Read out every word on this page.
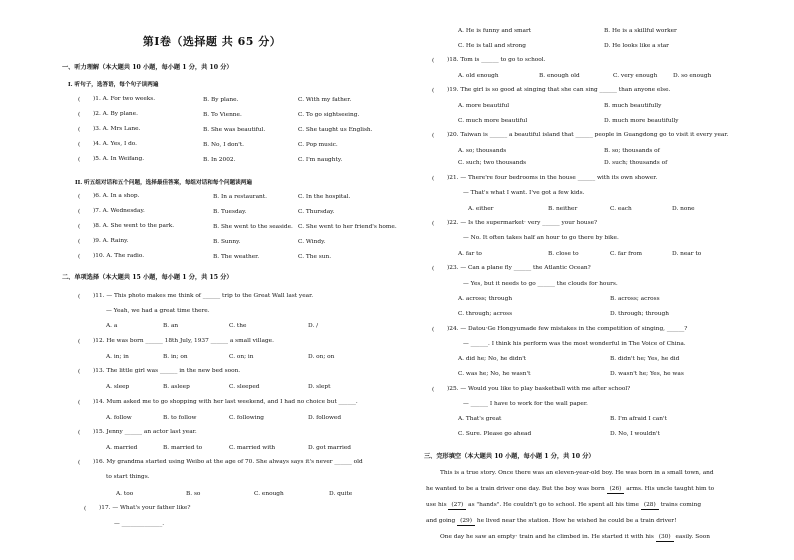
第Ⅰ卷（选择题 共 65 分）
一、听力理解（本大题共 10 小题，每小题 1 分，共 10 分）
I. 听句子，选答语，每个句子读两遍
( )1. A. For two weeks.	B. By plane.	C. With my father.
( )2. A. By plane.	B. To Vienne.	C. To go sightseeing.
( )3. A. Mrs Lane.	B. She was beautiful.	C. She taught us English.
( )4. A. Yes, I do.	B. No, I don't.	C. Pop music.
( )5. A. In Weifang.	B. In 2002.	C. I'm naughty.
II. 听五组对话和五个问题，选择最佳答案，每组对话和每个问题读两遍
( )6. A. In a shop.	B. In a restaurant.	C. In the hospital.
( )7. A. Wednesday.	B. Tuesday.	C. Thursday.
( )8. A. She went to the park.	B. She went to the seaside. C. She went to her friend's home.
( )9. A. Rainy.	B. Sunny.	C. Windy.
( )10. A. The radio.	B. The weather.	C. The sun.
二、单项选择（本大题共 15 小题，每小题 1 分，共 15 分）
( )11. — This photo makes me think of ______ trip to the Great Wall last year.
— Yeah, we had a great time there.
A. a	B. an	C. the	D. /
( )12. He was born ______ 18th July, 1937 ______ a small village.
A. in; in	B. in; on	C. on; in	D. on; on
( )13. The little girl was ______ in the new bed soon.
A. sleep	B. asleep	C. sleeped	D. slept
( )14. Mum asked me to go shopping with her last weekend, and I had no choice but ______.
A. follow	B. to follow	C. following	D. followed
( )15. Jenny ______ an actor last year.
A. married	B. married to	C. married with	D. got married
( )16. My grandma started using Weibo at the age of 70. She always says it's never ______ old
to start things.
A. too	B. so	C. enough	D. quite
( )17. — What's your father like?
— ______________.
A. He is funny and smart	B. He is a skillful worker
C. He is tall and strong	D. He looks like a star
( )18. Tom is ______ to go to school.
A. old enough	B. enough old	C. very enough	D. so enough
( )19. The girl is so good at singing that she can sing ______ than anyone else.
A. more beautiful	B. much beautifully
C. much more beautiful	D. much more beautifully
( )20. Taiwan is ______ a beautiful island that ______ people in Guangdong go to visit it every year.
A. so; thousands	B. so; thousands of
C. such; two thousands	D. such; thousands of
( )21. — There're four bedrooms in the house ______ with its own shower.
— That's what I want. I've got a few kids.
A. either	B. neither	C. each	D. none
( )22. — Is the supermarket· very ______ your house?
— No. It often takes half an hour to go there by bike.
A. far to	B. close to	C. far from	D. near to
( )23. — Can a plane fly ______ the Atlantic Ocean?
— Yes, but it needs to go ______ the clouds for hours.
A. across; through	B. across; across
C. through; across	D. through; through
( )24. — Datou·Ge Hongyumade few mistakes in the competition of singing, ______?
— ______. I think his perform was the most wonderful in The Voice of China.
A. did he; No, he didn't	B. didn't he; Yes, he did
C. was he; No, he wasn't	D. wasn't he; Yes, he was
( )25. — Would you like to play basketball with me after school?
— ______ I have to work for the wall paper.
A. That's great	B. I'm afraid I can't
C. Sure. Please go ahead	D. No, I wouldn't
三、完形填空（本大题共 10 小题，每小题 1 分，共 10 分）
This is a true story. Once there was an eleven-year-old boy. He was born in a small town, and
he wanted to be a train driver one day. But the boy was born (26) arms. His uncle taught him to
use his (27) as "hands". He couldn't go to school. He spent all his time (28) trains coming
and going (29) he lived near the station. How he wished he could be a train driver!
One day he saw an empty· train and he climbed in. He started it with his (30) easily. Soon
